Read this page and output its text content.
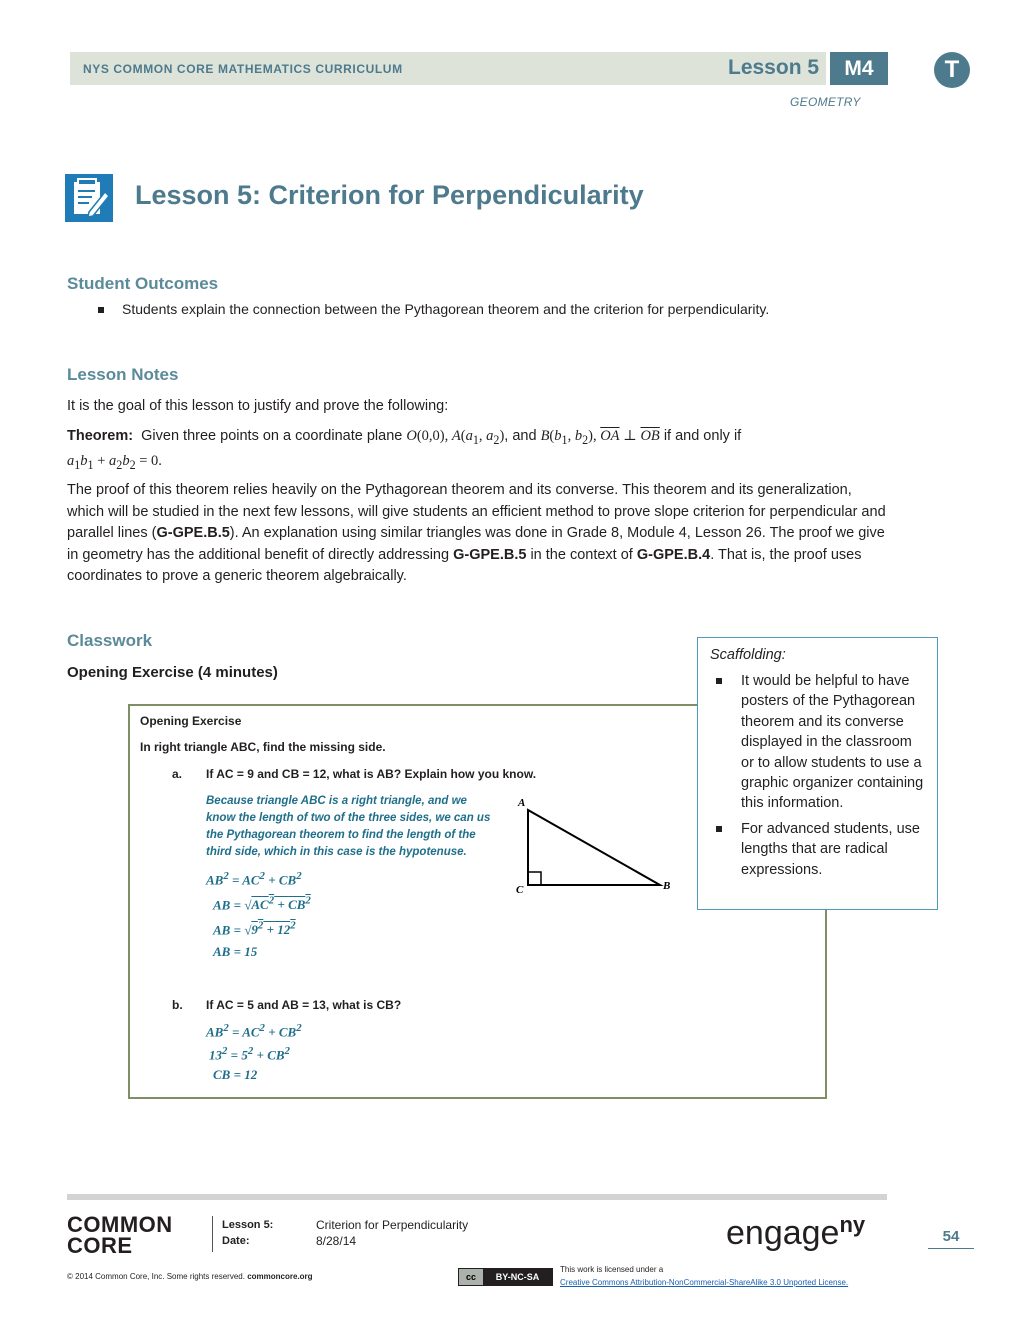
NYS COMMON CORE MATHEMATICS CURRICULUM	Lesson 5	M4	T
GEOMETRY
Lesson 5: Criterion for Perpendicularity
Student Outcomes
Students explain the connection between the Pythagorean theorem and the criterion for perpendicularity.
Lesson Notes
It is the goal of this lesson to justify and prove the following:
Theorem: Given three points on a coordinate plane O(0,0), $A(a_1$, $a_2$), and $B(b_1$, $b_2$), $\overline{OA}$ ⊥ $\overline{OB}$ if and only if
$a_1b_1 + a_2b_2 = 0$.
The proof of this theorem relies heavily on the Pythagorean theorem and its converse. This theorem and its generalization, which will be studied in the next few lessons, will give students an efficient method to prove slope criterion for perpendicular and parallel lines (G-GPE.B.5). An explanation using similar triangles was done in Grade 8, Module 4, Lesson 26. The proof we give in geometry has the additional benefit of directly addressing G-GPE.B.5 in the context of G-GPE.B.4. That is, the proof uses coordinates to prove a generic theorem algebraically.
Classwork
Opening Exercise (4 minutes)
Opening Exercise
In right triangle ABC, find the missing side.
a. If AC = 9 and CB = 12, what is AB? Explain how you know.
Because triangle ABC is a right triangle, and we
know the length of two of the three sides, we can us
the Pythagorean theorem to find the length of the
third side, which in this case is the hypotenuse.
$AB^2 = AC^2 + CB^2$
AB = $√AC^2 + CB^2$
AB = $√9^2 + 12^2$
AB = 15
A
C	B
b. If AC = 5 and AB = 13, what is CB?
$AB^2 = AC^2 + CB^2$
$13^2 = 5^2 + CB^2$
CB = 12
Scaffolding:
It would be helpful to have posters of the Pythagorean theorem and its converse displayed in the classroom or to allow students to use a graphic organizer containing this information.
For advanced students, use lengths that are radical expressions.
COMMON
CORE
Lesson 5:	Criterion for Perpendicularity
Date:	8/28/14	engage$^{ny}$	54
© 2014 Common Core, Inc. Some rights reserved. commoncore.org	cc	BY-NC-SA
This work is licensed under a
Creative Commons Attribution-NonCommercial-ShareAlike 3.0 Unported License.
